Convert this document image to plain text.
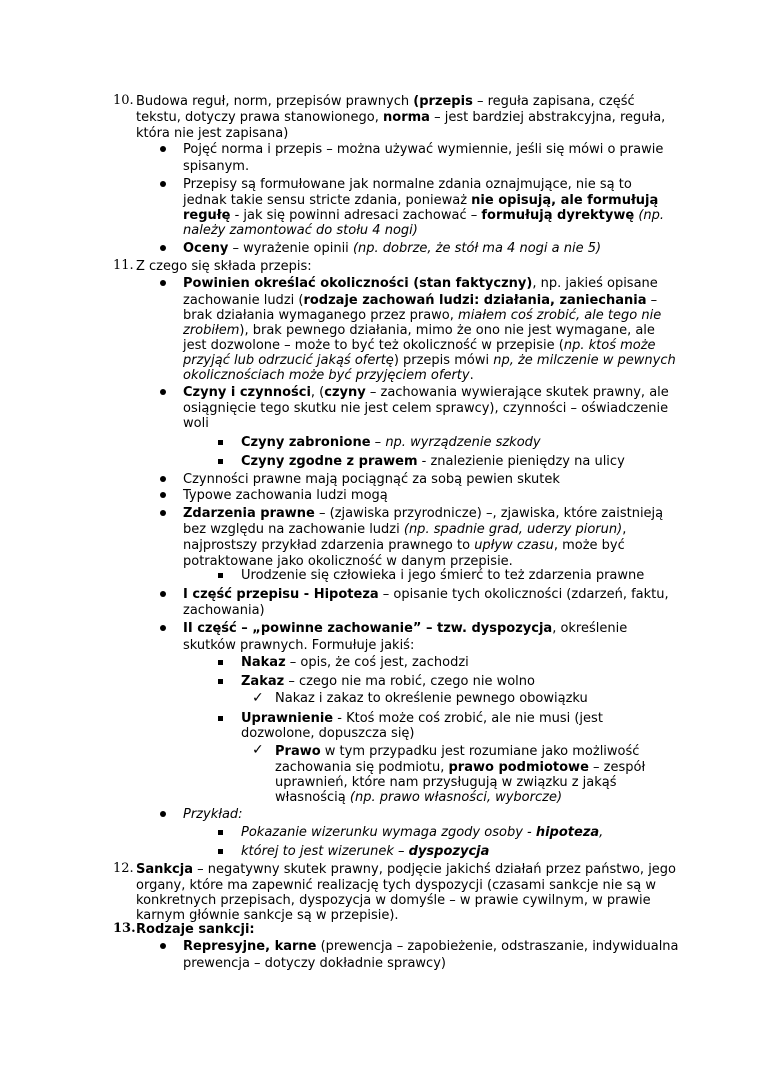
10. Budowa reguł, norm, przepisów prawnych (przepis – reguła zapisana, część
tekstu, dotyczy prawa stanowionego, norma – jest bardziej abstrakcyjna, reguła,
która nie jest zapisana)
Pojęć norma i przepis – można używać wymiennie, jeśli się mówi o prawie
spisanym.
Przepisy są formułowane jak normalne zdania oznajmujące, nie są to
jednak takie sensu stricte zdania, ponieważ nie opisują, ale formułują
regułę - jak się powinni adresaci zachować – formułują dyrektywę (np.
należy zamontować do stołu 4 nogi)
Oceny – wyrażenie opinii (np. dobrze, że stół ma 4 nogi a nie 5)
11. Z czego się składa przepis:
Powinien określać okoliczności (stan faktyczny), np. jakieś opisane
zachowanie ludzi (rodzaje zachowań ludzi: działania, zaniechania –
brak działania wymaganego przez prawo, miałem coś zrobić, ale tego nie
zrobiłem), brak pewnego działania, mimo że ono nie jest wymagane, ale
jest dozwolone – może to być też okoliczność w przepisie (np. ktoś może
przyjąć lub odrzucić jakąś ofertę) przepis mówi np, że milczenie w pewnych
okolicznościach może być przyjęciem oferty.
Czyny i czynności, (czyny – zachowania wywierające skutek prawny, ale
osiągnięcie tego skutku nie jest celem sprawcy), czynności – oświadczenie
woli
Czyny zabronione – np. wyrządzenie szkody
Czyny zgodne z prawem - znalezienie pieniędzy na ulicy
Czynności prawne mają pociągnąć za sobą pewien skutek
Typowe zachowania ludzi mogą
Zdarzenia prawne – (zjawiska przyrodnicze) –, zjawiska, które zaistnieją
bez względu na zachowanie ludzi (np. spadnie grad, uderzy piorun),
najprostszy przykład zdarzenia prawnego to upływ czasu, może być
potraktowane jako okoliczność w danym przepisie.
Urodzenie się człowieka i jego śmierć to też zdarzenia prawne
I część przepisu - Hipoteza – opisanie tych okoliczności (zdarzeń, faktu,
zachowania)
II część – „powinne zachowanie” – tzw. dyspozycja, określenie
skutków prawnych. Formułuje jakiś:
Nakaz – opis, że coś jest, zachodzi
Zakaz – czego nie ma robić, czego nie wolno
✓ Nakaz i zakaz to określenie pewnego obowiązku
Uprawnienie - Ktoś może coś zrobić, ale nie musi (jest
dozwolone, dopuszcza się)
✓ Prawo w tym przypadku jest rozumiane jako możliwość
zachowania się podmiotu, prawo podmiotowe – zespół
uprawnień, które nam przysługują w związku z jakąś
własnością (np. prawo własności, wyborcze)
Przykład:
Pokazanie wizerunku wymaga zgody osoby - hipoteza,
której to jest wizerunek – dyspozycja
12. Sankcja – negatywny skutek prawny, podjęcie jakichś działań przez państwo, jego
organy, które ma zapewnić realizację tych dyspozycji (czasami sankcje nie są w
konkretnych przepisach, dyspozycja w domyśle – w prawie cywilnym, w prawie
karnym głównie sankcje są w przepisie).
13. Rodzaje sankcji:
Represyjne, karne (prewencja – zapobieżenie, odstraszanie, indywidualna
prewencja – dotyczy dokładnie sprawcy)
